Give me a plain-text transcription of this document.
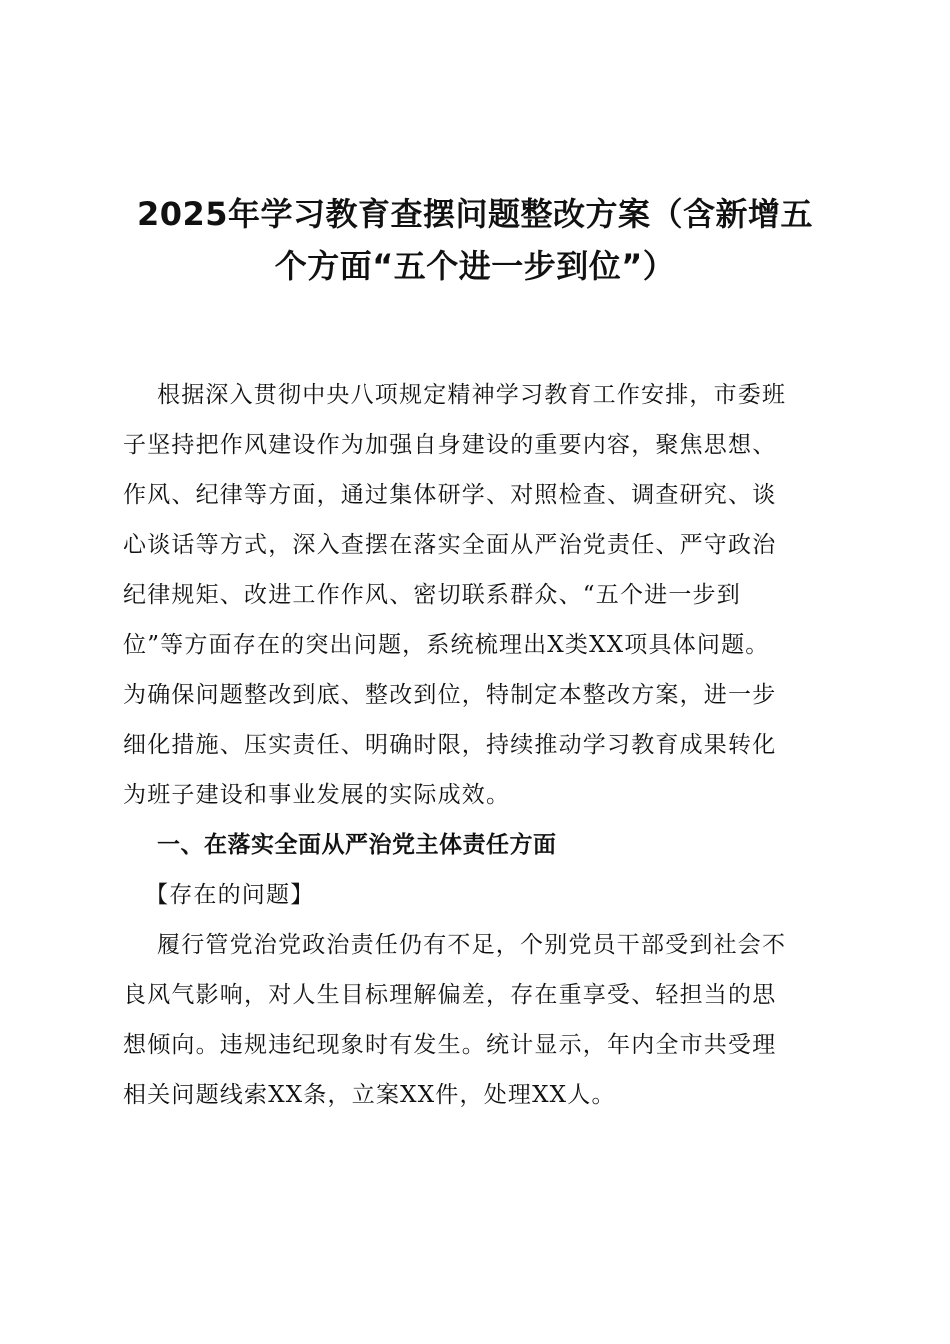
2025年学习教育查摆问题整改方案（含新增五
个方面“五个进一步到位”）
根据深入贯彻中央八项规定精神学习教育工作安排，市委班
子坚持把作风建设作为加强自身建设的重要内容，聚焦思想、
作风、纪律等方面，通过集体研学、对照检查、调查研究、谈
心谈话等方式，深入查摆在落实全面从严治党责任、严守政治
纪律规矩、改进工作作风、密切联系群众、“五个进一步到
位”等方面存在的突出问题，系统梳理出X类XX项具体问题。
为确保问题整改到底、整改到位，特制定本整改方案，进一步
细化措施、压实责任、明确时限，持续推动学习教育成果转化
为班子建设和事业发展的实际成效。
一、在落实全面从严治党主体责任方面
【存在的问题】
履行管党治党政治责任仍有不足，个别党员干部受到社会不
良风气影响，对人生目标理解偏差，存在重享受、轻担当的思
想倾向。违规违纪现象时有发生。统计显示，年内全市共受理
相关问题线索XX条，立案XX件，处理XX人。
